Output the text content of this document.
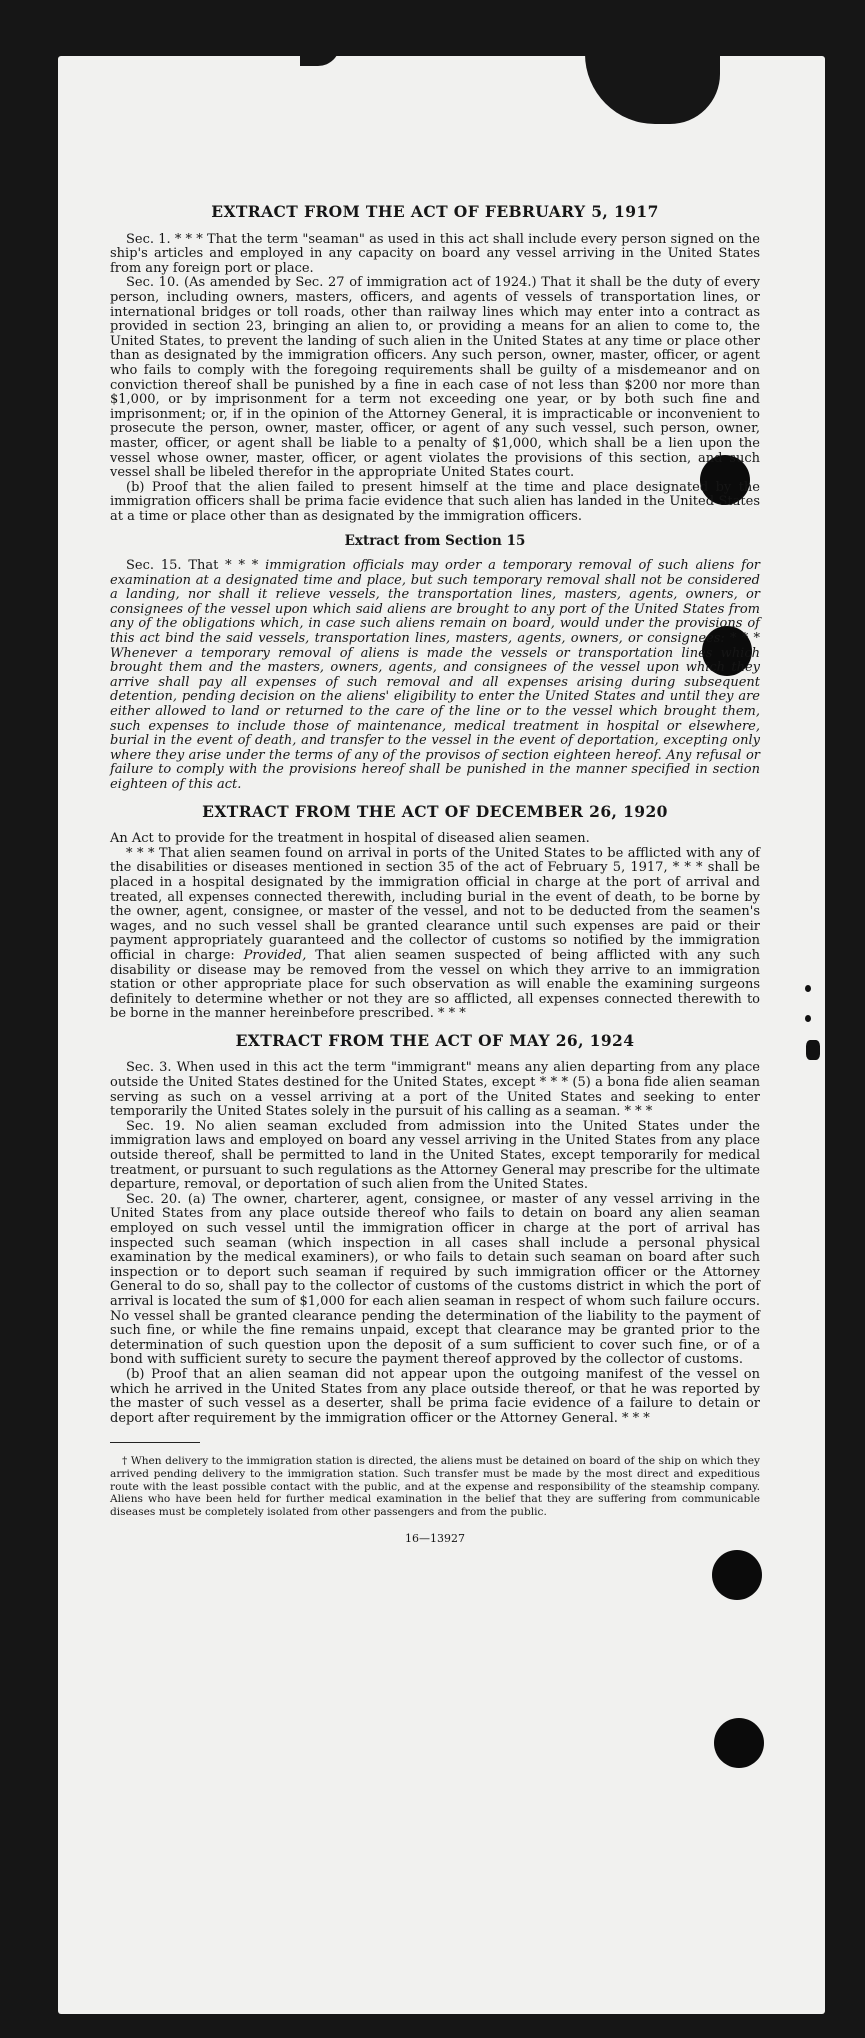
EXTRACT FROM THE ACT OF FEBRUARY 5, 1917

Sec. 1. * * * That the term "seaman" as used in this act shall include every person signed on the ship's articles and employed in any capacity on board any vessel arriving in the United States from any foreign port or place.

Sec. 10. (As amended by Sec. 27 of immigration act of 1924.) That it shall be the duty of every person, including owners, masters, officers, and agents of vessels of transportation lines, or international bridges or toll roads, other than railway lines which may enter into a contract as provided in section 23, bringing an alien to, or providing a means for an alien to come to, the United States, to prevent the landing of such alien in the United States at any time or place other than as designated by the immigration officers. Any such person, owner, master, officer, or agent who fails to comply with the foregoing requirements shall be guilty of a misdemeanor and on conviction thereof shall be punished by a fine in each case of not less than $200 nor more than $1,000, or by imprisonment for a term not exceeding one year, or by both such fine and imprisonment; or, if in the opinion of the Attorney General, it is impracticable or inconvenient to prosecute the person, owner, master, officer, or agent of any such vessel, such person, owner, master, officer, or agent shall be liable to a penalty of $1,000, which shall be a lien upon the vessel whose owner, master, officer, or agent violates the provisions of this section, and such vessel shall be libeled therefor in the appropriate United States court.

(b) Proof that the alien failed to present himself at the time and place designated by the immigration officers shall be prima facie evidence that such alien has landed in the United States at a time or place other than as designated by the immigration officers.

Extract from Section 15

Sec. 15. That * * * immigration officials may order a temporary removal of such aliens for examination at a designated time and place, but such temporary removal shall not be considered a landing, nor shall it relieve vessels, the transportation lines, masters, agents, owners, or consignees of the vessel upon which said aliens are brought to any port of the United States from any of the obligations which, in case such aliens remain on board, would under the provisions of this act bind the said vessels, transportation lines, masters, agents, owners, or consignees: * * * Whenever a temporary removal of aliens is made the vessels or transportation lines which brought them and the masters, owners, agents, and consignees of the vessel upon which they arrive shall pay all expenses of such removal and all expenses arising during subsequent detention, pending decision on the aliens' eligibility to enter the United States and until they are either allowed to land or returned to the care of the line or to the vessel which brought them, such expenses to include those of maintenance, medical treatment in hospital or elsewhere, burial in the event of death, and transfer to the vessel in the event of deportation, excepting only where they arise under the terms of any of the provisos of section eighteen hereof. Any refusal or failure to comply with the provisions hereof shall be punished in the manner specified in section eighteen of this act.

EXTRACT FROM THE ACT OF DECEMBER 26, 1920

An Act to provide for the treatment in hospital of diseased alien seamen.

* * * That alien seamen found on arrival in ports of the United States to be afflicted with any of the disabilities or diseases mentioned in section 35 of the act of February 5, 1917, * * * shall be placed in a hospital designated by the immigration official in charge at the port of arrival and treated, all expenses connected therewith, including burial in the event of death, to be borne by the owner, agent, consignee, or master of the vessel, and not to be deducted from the seamen's wages, and no such vessel shall be granted clearance until such expenses are paid or their payment appropriately guaranteed and the collector of customs so notified by the immigration official in charge: Provided, That alien seamen suspected of being afflicted with any such disability or disease may be removed from the vessel on which they arrive to an immigration station or other appropriate place for such observation as will enable the examining surgeons definitely to determine whether or not they are so afflicted, all expenses connected therewith to be borne in the manner hereinbefore prescribed. * * *

EXTRACT FROM THE ACT OF MAY 26, 1924

Sec. 3. When used in this act the term "immigrant" means any alien departing from any place outside the United States destined for the United States, except * * * (5) a bona fide alien seaman serving as such on a vessel arriving at a port of the United States and seeking to enter temporarily the United States solely in the pursuit of his calling as a seaman. * * *

Sec. 19. No alien seaman excluded from admission into the United States under the immigration laws and employed on board any vessel arriving in the United States from any place outside thereof, shall be permitted to land in the United States, except temporarily for medical treatment, or pursuant to such regulations as the Attorney General may prescribe for the ultimate departure, removal, or deportation of such alien from the United States.

Sec. 20. (a) The owner, charterer, agent, consignee, or master of any vessel arriving in the United States from any place outside thereof who fails to detain on board any alien seaman employed on such vessel until the immigration officer in charge at the port of arrival has inspected such seaman (which inspection in all cases shall include a personal physical examination by the medical examiners), or who fails to detain such seaman on board after such inspection or to deport such seaman if required by such immigration officer or the Attorney General to do so, shall pay to the collector of customs of the customs district in which the port of arrival is located the sum of $1,000 for each alien seaman in respect of whom such failure occurs. No vessel shall be granted clearance pending the determination of the liability to the payment of such fine, or while the fine remains unpaid, except that clearance may be granted prior to the determination of such question upon the deposit of a sum sufficient to cover such fine, or of a bond with sufficient surety to secure the payment thereof approved by the collector of customs.

(b) Proof that an alien seaman did not appear upon the outgoing manifest of the vessel on which he arrived in the United States from any place outside thereof, or that he was reported by the master of such vessel as a deserter, shall be prima facie evidence of a failure to detain or deport after requirement by the immigration officer or the Attorney General. * * *

† When delivery to the immigration station is directed, the aliens must be detained on board of the ship on which they arrived pending delivery to the immigration station. Such transfer must be made by the most direct and expeditious route with the least possible contact with the public, and at the expense and responsibility of the steamship company. Aliens who have been held for further medical examination in the belief that they are suffering from communicable diseases must be completely isolated from other passengers and from the public.

16—13927
